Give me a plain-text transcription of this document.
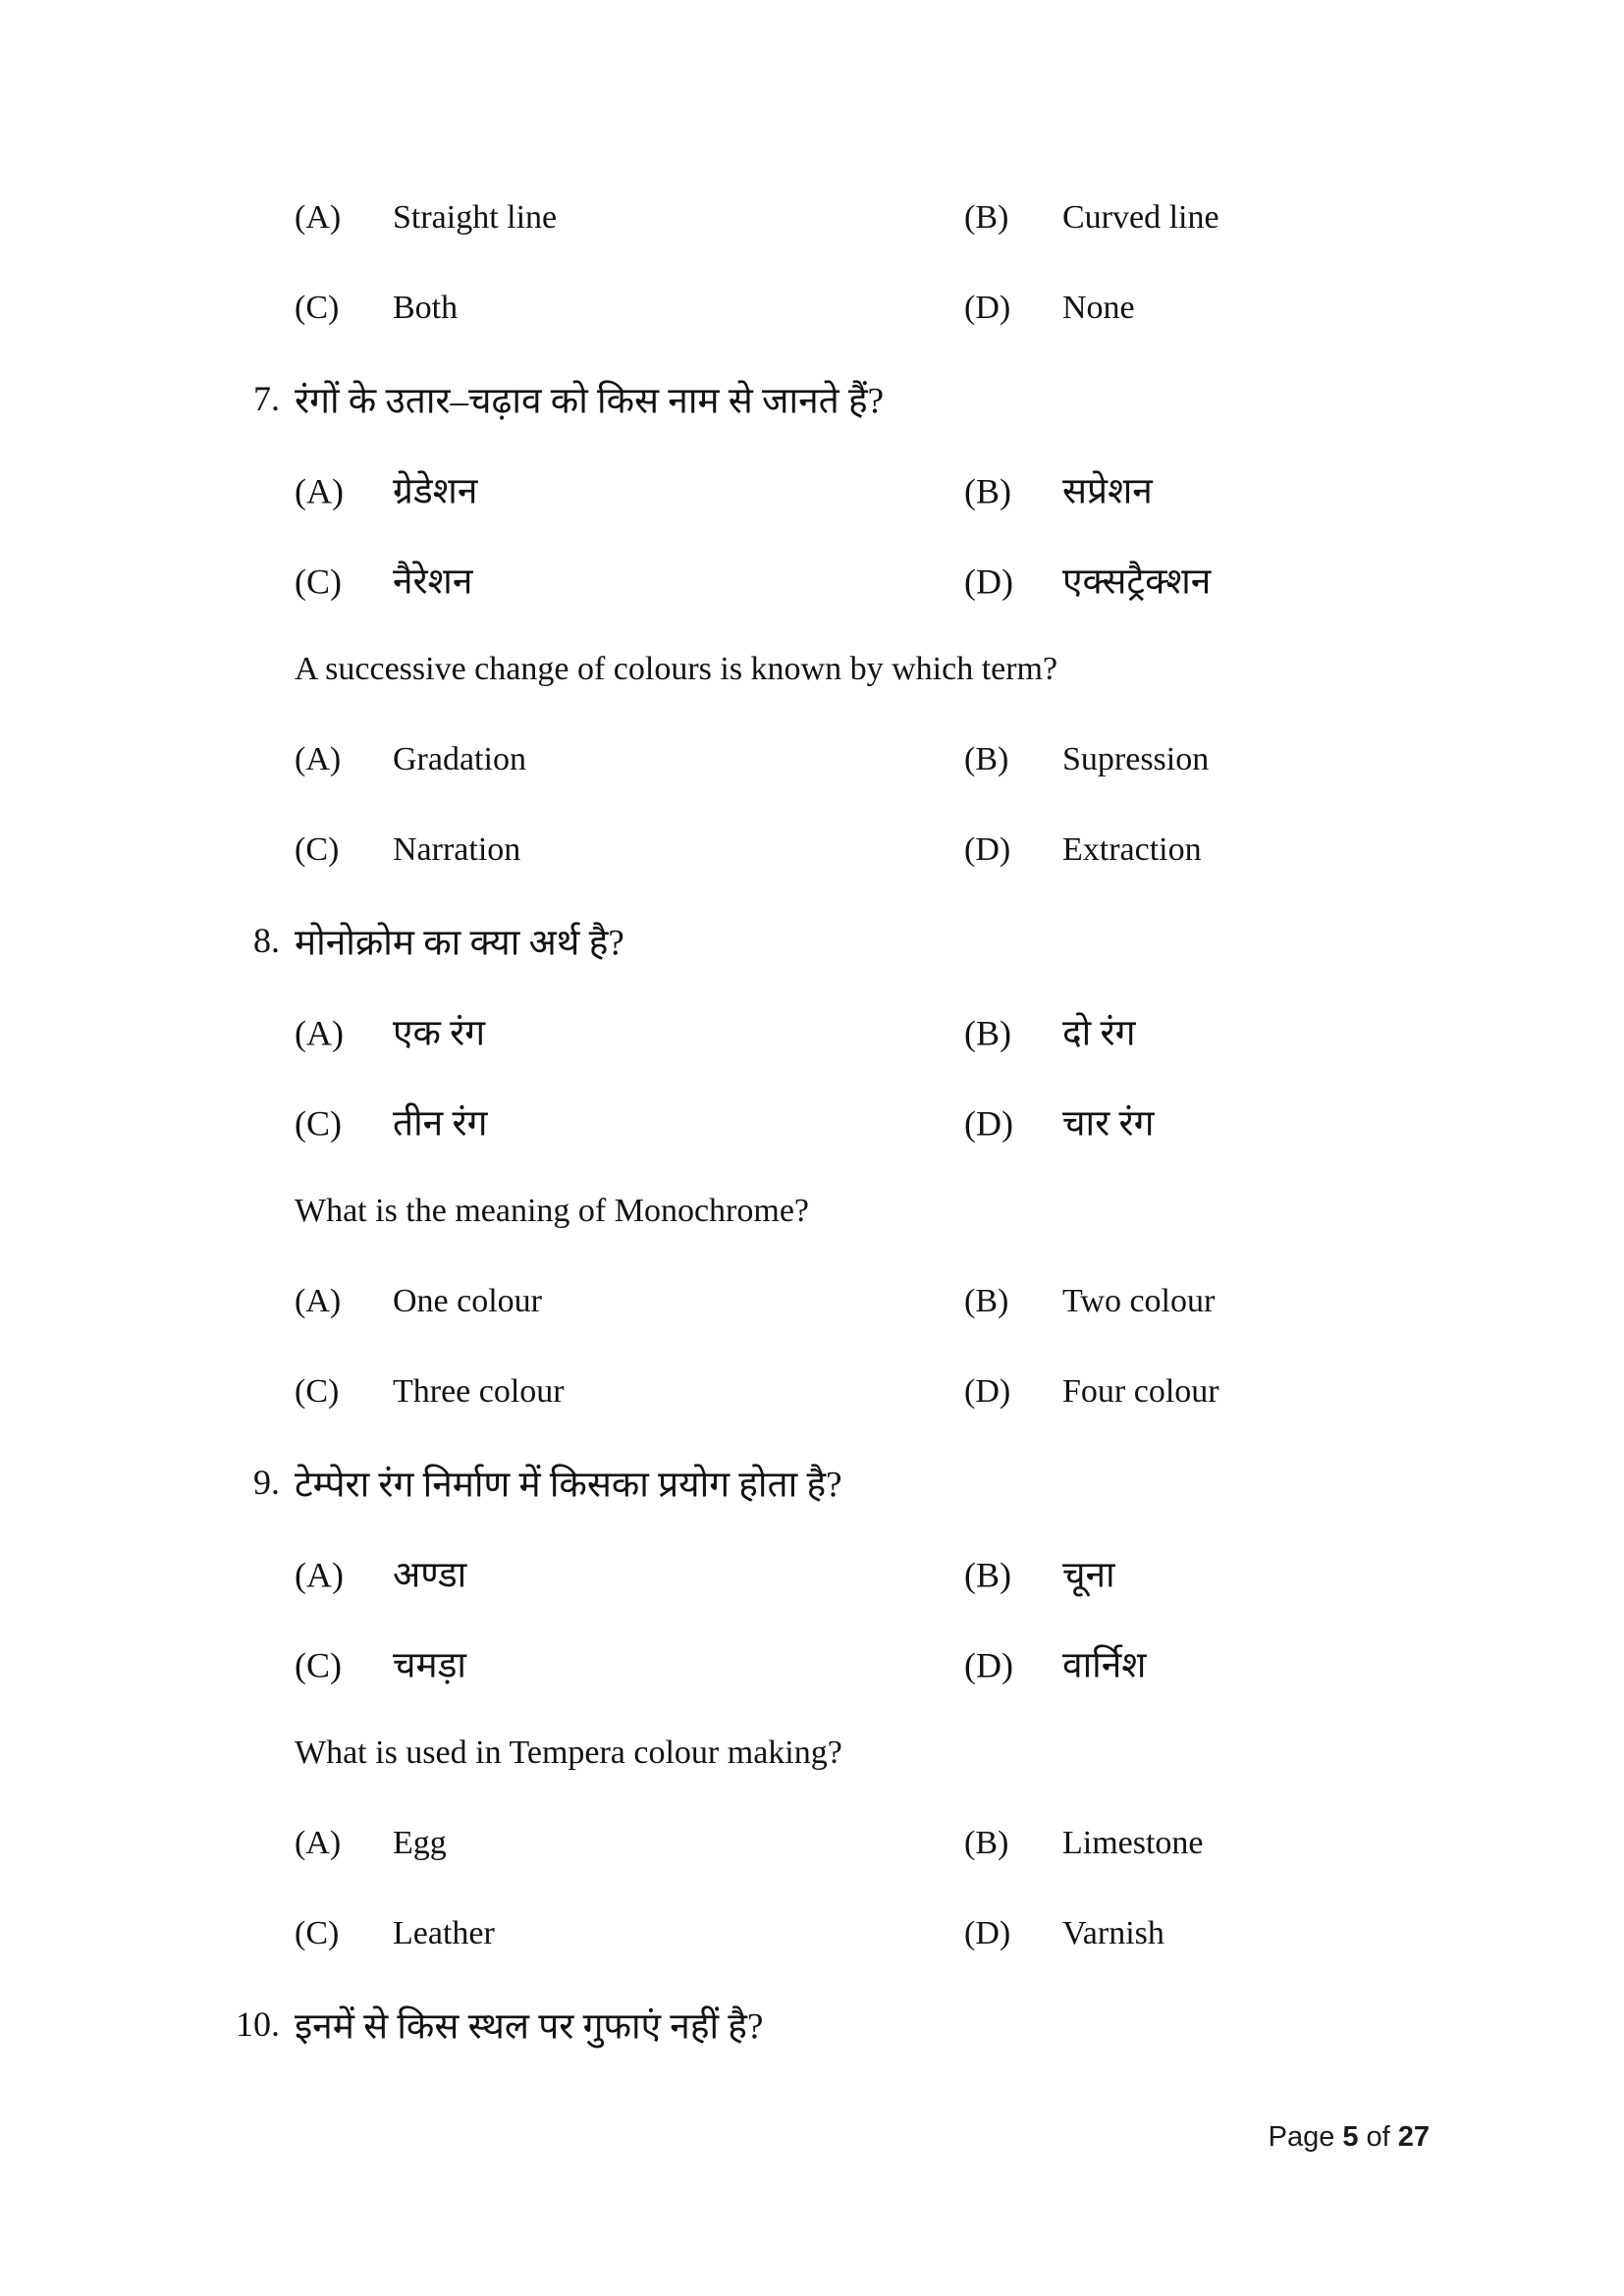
(A) Straight line	(B) Curved line
(C) Both	(D) None
7. रंगों के उतार–चढ़ाव को किस नाम से जानते हैं?
(A) ग्रेडेशन	(B) सप्रेशन
(C) नैरेशन	(D) एक्सट्रैक्शन
A successive change of colours is known by which term?
(A) Gradation	(B) Supression
(C) Narration	(D) Extraction
8. मोनोक्रोम का क्या अर्थ है?
(A) एक रंग	(B) दो रंग
(C) तीन रंग	(D) चार रंग
What is the meaning of Monochrome?
(A) One colour	(B) Two colour
(C) Three colour	(D) Four colour
9. टेम्पेरा रंग निर्माण में किसका प्रयोग होता है?
(A) अण्डा	(B) चूना
(C) चमड़ा	(D) वार्निश
What is used in Tempera colour making?
(A) Egg	(B) Limestone
(C) Leather	(D) Varnish
10. इनमें से किस स्थल पर गुफाएं नहीं है?
Page 5 of 27
